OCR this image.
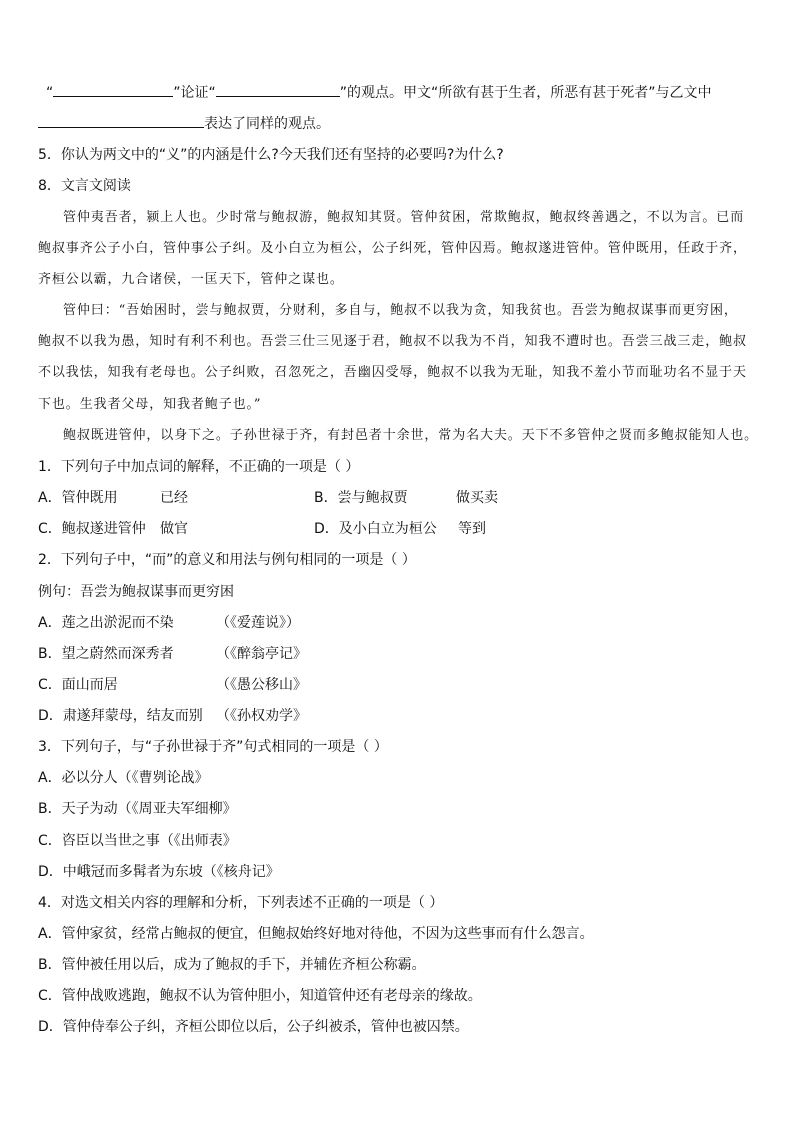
“	”论证“	”的观点。甲文“所欲有甚于生者，所恶有甚于死者”与乙文中
表达了同样的观点。
5．你认为两文中的“义”的内涵是什么?今天我们还有坚持的必要吗?为什么?
8．文言文阅读
管仲夷吾者，颍上人也。少时常与鲍叔游，鲍叔知其贤。管仲贫困，常欺鲍叔，鲍叔终善遇之，不以为言。已而
鲍叔事齐公子小白，管仲事公子纠。及小白立为桓公，公子纠死，管仲囚焉。鲍叔遂进管仲。管仲既用，任政于齐，
齐桓公以霸，九合诸侯，一匡天下，管仲之谋也。
管仲曰：“吾始困时，尝与鲍叔贾，分财利，多自与，鲍叔不以我为贪，知我贫也。吾尝为鲍叔谋事而更穷困，
鲍叔不以我为愚，知时有利不利也。吾尝三仕三见逐于君，鲍叔不以我为不肖，知我不遭时也。吾尝三战三走，鲍叔
不以我怯，知我有老母也。公子纠败，召忽死之，吾幽囚受辱，鲍叔不以我为无耻，知我不羞小节而耻功名不显于天
下也。生我者父母，知我者鲍子也。”
鲍叔既进管仲，以身下之。子孙世禄于齐，有封邑者十余世，常为名大夫。天下不多管仲之贤而多鲍叔能知人也。
1．下列句子中加点词的解释，不正确的一项是（ ）
A．管仲既用	已经	B．尝与鲍叔贾	做买卖
C．鲍叔遂进管仲 做官	D．及小白立为桓公 等到
2．下列句子中，“而”的意义和用法与例句相同的一项是（ ）
例句：吾尝为鲍叔谋事而更穷困
A．莲之出淤泥而不染	（《爱莲说》）
B．望之蔚然而深秀者	（《醉翁亭记》
C．面山而居	（《愚公移山》
D．肃遂拜蒙母，结友而别 （《孙权劝学》
3．下列句子，与“子孙世禄于齐”句式相同的一项是（ ）
A．必以分人（《曹刿论战》
B．天子为动（《周亚夫军细柳》
C．咨臣以当世之事（《出师表》
D．中峨冠而多髯者为东坡（《核舟记》
4．对选文相关内容的理解和分析，下列表述不正确的一项是（ ）
A．管仲家贫，经常占鲍叔的便宜，但鲍叔始终好地对待他，不因为这些事而有什么怨言。
B．管仲被任用以后，成为了鲍叔的手下，并辅佐齐桓公称霸。
C．管仲战败逃跑，鲍叔不认为管仲胆小，知道管仲还有老母亲的缘故。
D．管仲侍奉公子纠，齐桓公即位以后，公子纠被杀，管仲也被囚禁。
